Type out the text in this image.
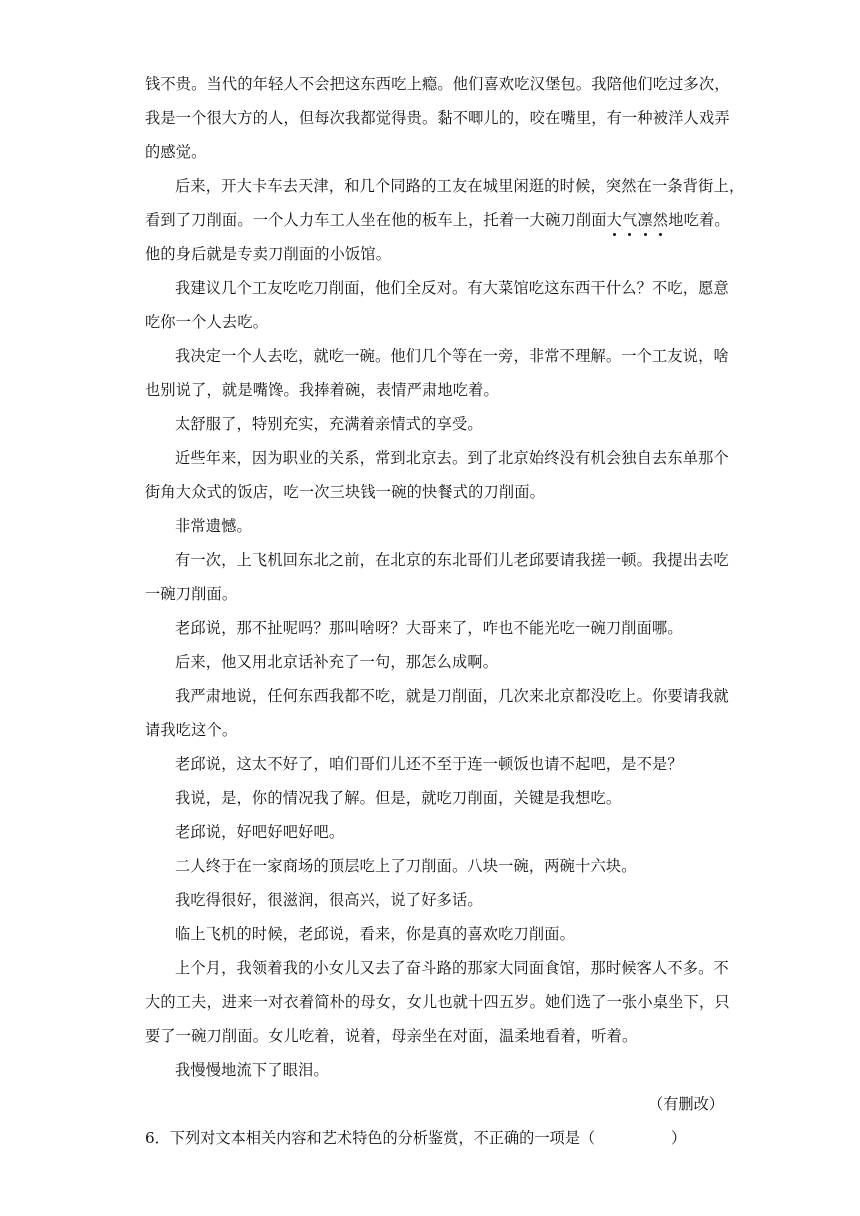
钱不贵。当代的年轻人不会把这东西吃上瘾。他们喜欢吃汉堡包。我陪他们吃过多次，
我是一个很大方的人，但每次我都觉得贵。黏不唧儿的，咬在嘴里，有一种被洋人戏弄
的感觉。
后来，开大卡车去天津，和几个同路的工友在城里闲逛的时候，突然在一条背街上，
看到了刀削面。一个人力车工人坐在他的板车上，托着一大碗刀削面大气凛然地吃着。
他的身后就是专卖刀削面的小饭馆。
我建议几个工友吃吃刀削面，他们全反对。有大菜馆吃这东西干什么？不吃，愿意
吃你一个人去吃。
我决定一个人去吃，就吃一碗。他们几个等在一旁，非常不理解。一个工友说，啥
也别说了，就是嘴馋。我捧着碗，表情严肃地吃着。
太舒服了，特别充实，充满着亲情式的享受。
近些年来，因为职业的关系，常到北京去。到了北京始终没有机会独自去东单那个
街角大众式的饭店，吃一次三块钱一碗的快餐式的刀削面。
非常遗憾。
有一次，上飞机回东北之前，在北京的东北哥们儿老邱要请我搓一顿。我提出去吃
一碗刀削面。
老邱说，那不扯呢吗？那叫啥呀？大哥来了，咋也不能光吃一碗刀削面哪。
后来，他又用北京话补充了一句，那怎么成啊。
我严肃地说，任何东西我都不吃，就是刀削面，几次来北京都没吃上。你要请我就
请我吃这个。
老邱说，这太不好了，咱们哥们儿还不至于连一顿饭也请不起吧，是不是？
我说，是，你的情况我了解。但是，就吃刀削面，关键是我想吃。
老邱说，好吧好吧好吧。
二人终于在一家商场的顶层吃上了刀削面。八块一碗，两碗十六块。
我吃得很好，很滋润，很高兴，说了好多话。
临上飞机的时候，老邱说，看来，你是真的喜欢吃刀削面。
上个月，我领着我的小女儿又去了奋斗路的那家大同面食馆，那时候客人不多。不
大的工夫，进来一对衣着简朴的母女，女儿也就十四五岁。她们选了一张小桌坐下，只
要了一碗刀削面。女儿吃着，说着，母亲坐在对面，温柔地看着，听着。
我慢慢地流下了眼泪。
（有删改）
6．下列对文本相关内容和艺术特色的分析鉴赏，不正确的一项是（　　　　　）
